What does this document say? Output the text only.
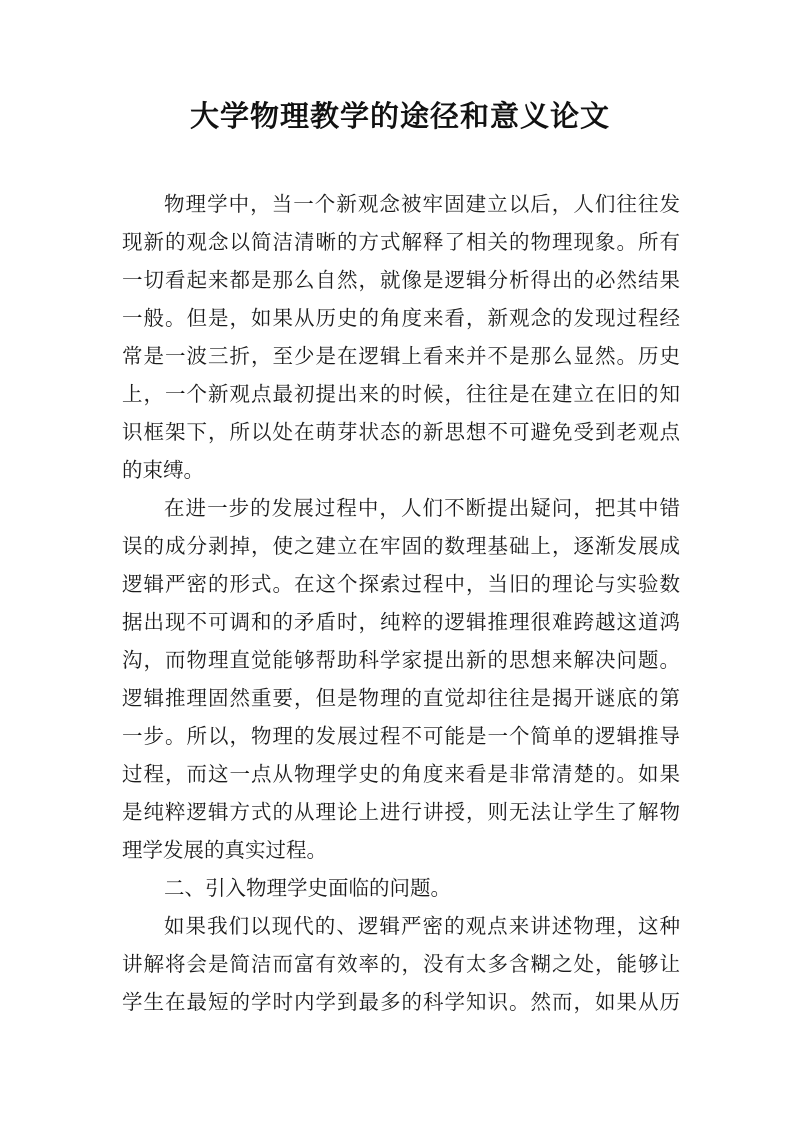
大学物理教学的途径和意义论文
物理学中，当一个新观念被牢固建立以后，人们往往发
现新的观念以简洁清晰的方式解释了相关的物理现象。所有
一切看起来都是那么自然，就像是逻辑分析得出的必然结果
一般。但是，如果从历史的角度来看，新观念的发现过程经
常是一波三折，至少是在逻辑上看来并不是那么显然。历史
上，一个新观点最初提出来的时候，往往是在建立在旧的知
识框架下，所以处在萌芽状态的新思想不可避免受到老观点
的束缚。
在进一步的发展过程中，人们不断提出疑问，把其中错
误的成分剥掉，使之建立在牢固的数理基础上，逐渐发展成
逻辑严密的形式。在这个探索过程中，当旧的理论与实验数
据出现不可调和的矛盾时，纯粹的逻辑推理很难跨越这道鸿
沟，而物理直觉能够帮助科学家提出新的思想来解决问题。
逻辑推理固然重要，但是物理的直觉却往往是揭开谜底的第
一步。所以，物理的发展过程不可能是一个简单的逻辑推导
过程，而这一点从物理学史的角度来看是非常清楚的。如果
是纯粹逻辑方式的从理论上进行讲授，则无法让学生了解物
理学发展的真实过程。
二、引入物理学史面临的问题。
如果我们以现代的、逻辑严密的观点来讲述物理，这种
讲解将会是简洁而富有效率的，没有太多含糊之处，能够让
学生在最短的学时内学到最多的科学知识。然而，如果从历
